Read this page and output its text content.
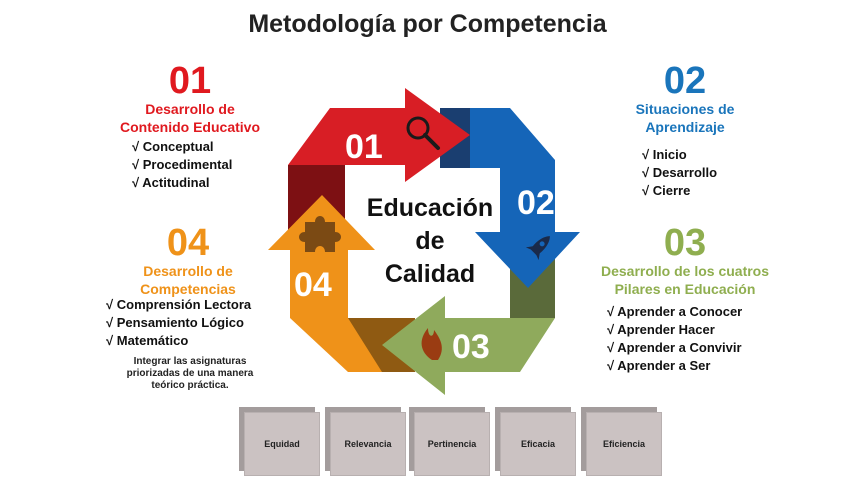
Metodología por Competencia
01
02
03
04
Educación
de
Calidad
01
Desarrollo de
Contenido Educativo
√ Conceptual
√ Procedimental
√ Actitudinal
02
Situaciones de
Aprendizaje
√ Inicio
√ Desarrollo
√ Cierre
03
Desarrollo de los cuatros
Pilares en Educación
√ Aprender a Conocer
√ Aprender Hacer
√ Aprender a Convivir
√ Aprender a Ser
04
Desarrollo de
Competencias
√ Comprensión Lectora
√ Pensamiento Lógico
√ Matemático
Integrar las asignaturas
priorizadas de una manera
teórico práctica.
Equidad	Relevancia	Pertinencia	Eficacia	Eficiencia
